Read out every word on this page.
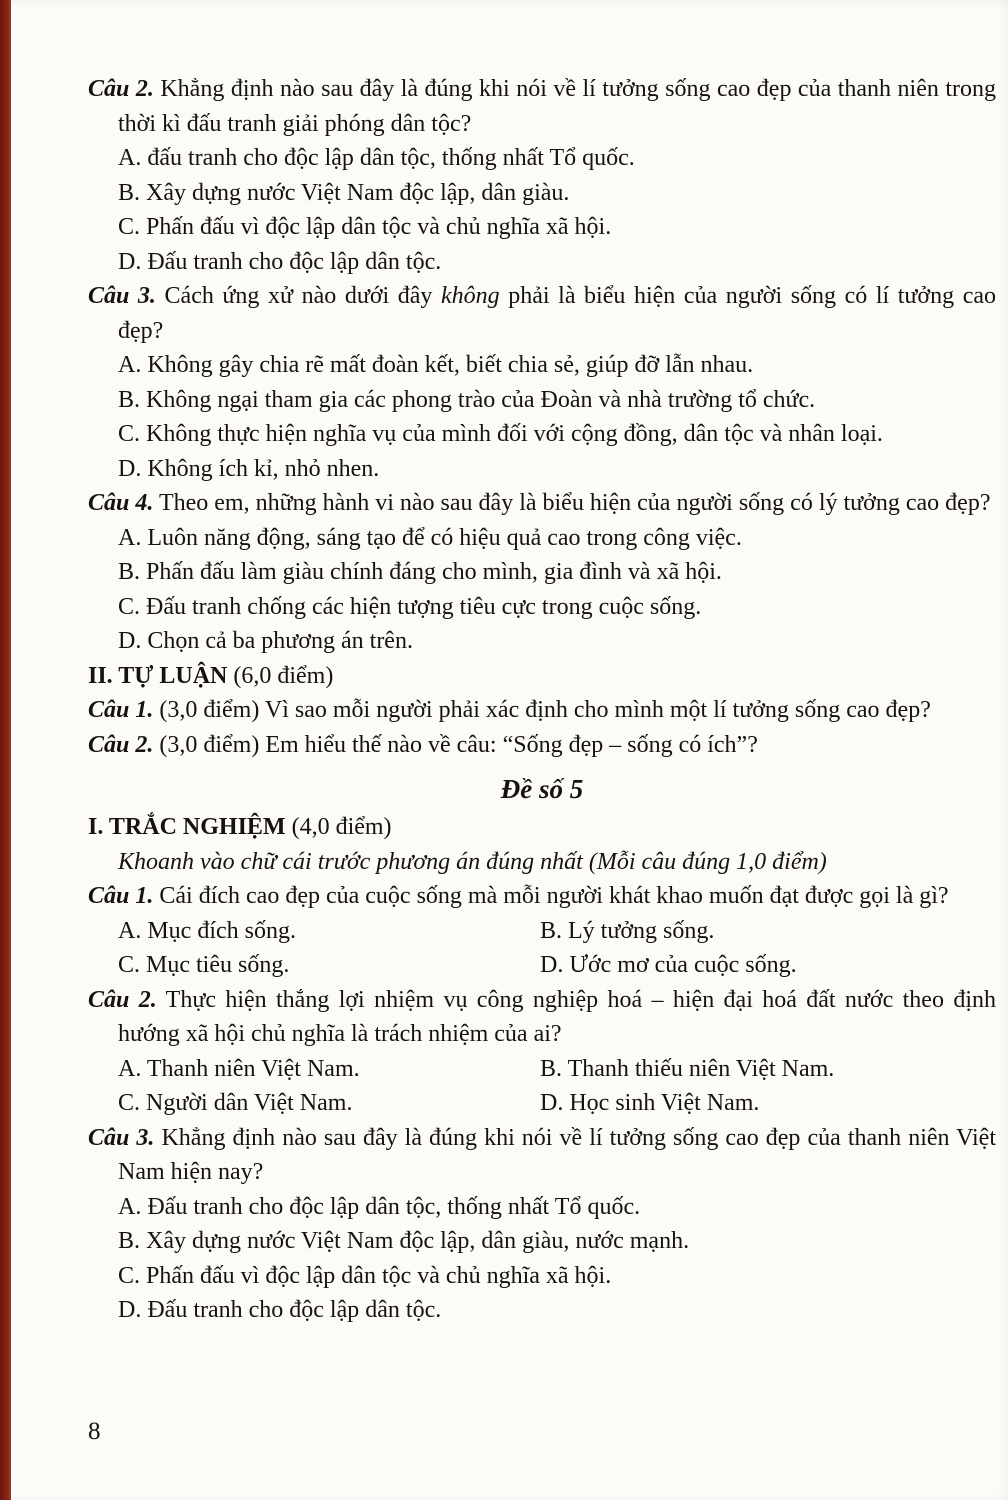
Câu 2. Khẳng định nào sau đây là đúng khi nói về lí tưởng sống cao đẹp của thanh niên trong thời kì đấu tranh giải phóng dân tộc?

A. đấu tranh cho độc lập dân tộc, thống nhất Tổ quốc.

B. Xây dựng nước Việt Nam độc lập, dân giàu.

C. Phấn đấu vì độc lập dân tộc và chủ nghĩa xã hội.

D. Đấu tranh cho độc lập dân tộc.

Câu 3. Cách ứng xử nào dưới đây không phải là biểu hiện của người sống có lí tưởng cao đẹp?

A. Không gây chia rẽ mất đoàn kết, biết chia sẻ, giúp đỡ lẫn nhau.

B. Không ngại tham gia các phong trào của Đoàn và nhà trường tổ chức.

C. Không thực hiện nghĩa vụ của mình đối với cộng đồng, dân tộc và nhân loại.

D. Không ích kỉ, nhỏ nhen.

Câu 4. Theo em, những hành vi nào sau đây là biểu hiện của người sống có lý tưởng cao đẹp?

A. Luôn năng động, sáng tạo để có hiệu quả cao trong công việc.

B. Phấn đấu làm giàu chính đáng cho mình, gia đình và xã hội.

C. Đấu tranh chống các hiện tượng tiêu cực trong cuộc sống.

D. Chọn cả ba phương án trên.

II. TỰ LUẬN (6,0 điểm)

Câu 1. (3,0 điểm) Vì sao mỗi người phải xác định cho mình một lí tưởng sống cao đẹp?

Câu 2. (3,0 điểm) Em hiểu thế nào về câu: “Sống đẹp – sống có ích”?

Đề số 5

I. TRẮC NGHIỆM (4,0 điểm)

Khoanh vào chữ cái trước phương án đúng nhất (Mỗi câu đúng 1,0 điểm)

Câu 1. Cái đích cao đẹp của cuộc sống mà mỗi người khát khao muốn đạt được gọi là gì?

A. Mục đích sống.	B. Lý tưởng sống.

C. Mục tiêu sống.	D. Ước mơ của cuộc sống.

Câu 2. Thực hiện thắng lợi nhiệm vụ công nghiệp hoá – hiện đại hoá đất nước theo định hướng xã hội chủ nghĩa là trách nhiệm của ai?

A. Thanh niên Việt Nam.	B. Thanh thiếu niên Việt Nam.

C. Người dân Việt Nam.	D. Học sinh Việt Nam.

Câu 3. Khẳng định nào sau đây là đúng khi nói về lí tưởng sống cao đẹp của thanh niên Việt Nam hiện nay?

A. Đấu tranh cho độc lập dân tộc, thống nhất Tổ quốc.

B. Xây dựng nước Việt Nam độc lập, dân giàu, nước mạnh.

C. Phấn đấu vì độc lập dân tộc và chủ nghĩa xã hội.

D. Đấu tranh cho độc lập dân tộc.

8
